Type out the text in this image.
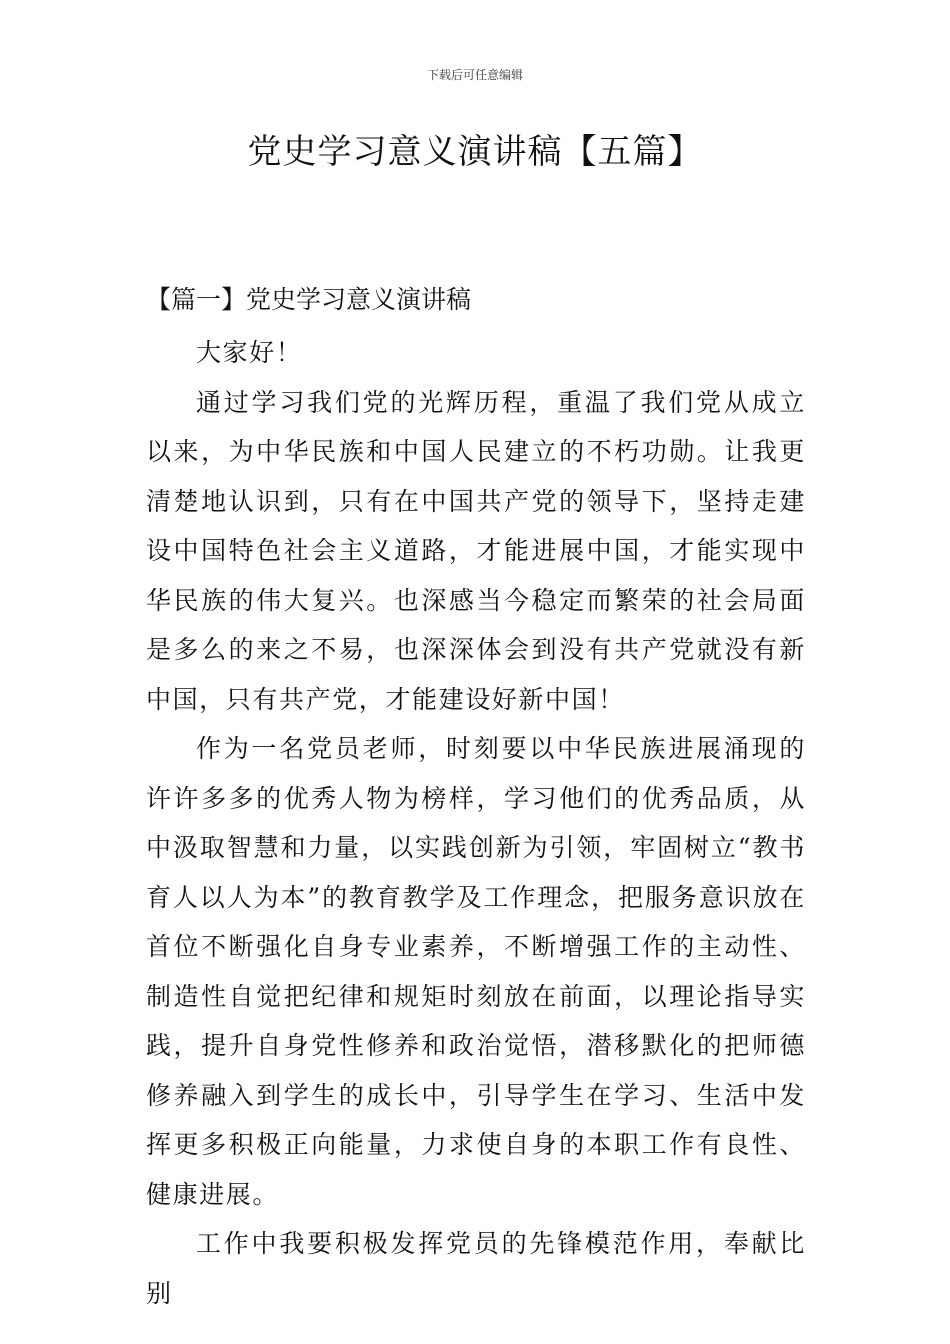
下载后可任意编辑
党史学习意义演讲稿【五篇】
【篇一】党史学习意义演讲稿

大家好！

通过学习我们党的光辉历程，重温了我们党从成立以来，为中华民族和中国人民建立的不朽功勋。让我更清楚地认识到，只有在中国共产党的领导下，坚持走建设中国特色社会主义道路，才能进展中国，才能实现中华民族的伟大复兴。也深感当今稳定而繁荣的社会局面是多么的来之不易，也深深体会到没有共产党就没有新中国，只有共产党，才能建设好新中国！

作为一名党员老师，时刻要以中华民族进展涌现的许许多多的优秀人物为榜样，学习他们的优秀品质，从中汲取智慧和力量，以实践创新为引领，牢固树立“教书育人以人为本”的教育教学及工作理念，把服务意识放在首位不断强化自身专业素养，不断增强工作的主动性、制造性自觉把纪律和规矩时刻放在前面，以理论指导实践，提升自身党性修养和政治觉悟，潜移默化的把师德修养融入到学生的成长中，引导学生在学习、生活中发挥更多积极正向能量，力求使自身的本职工作有良性、健康进展。

工作中我要积极发挥党员的先锋模范作用，奉献比别
